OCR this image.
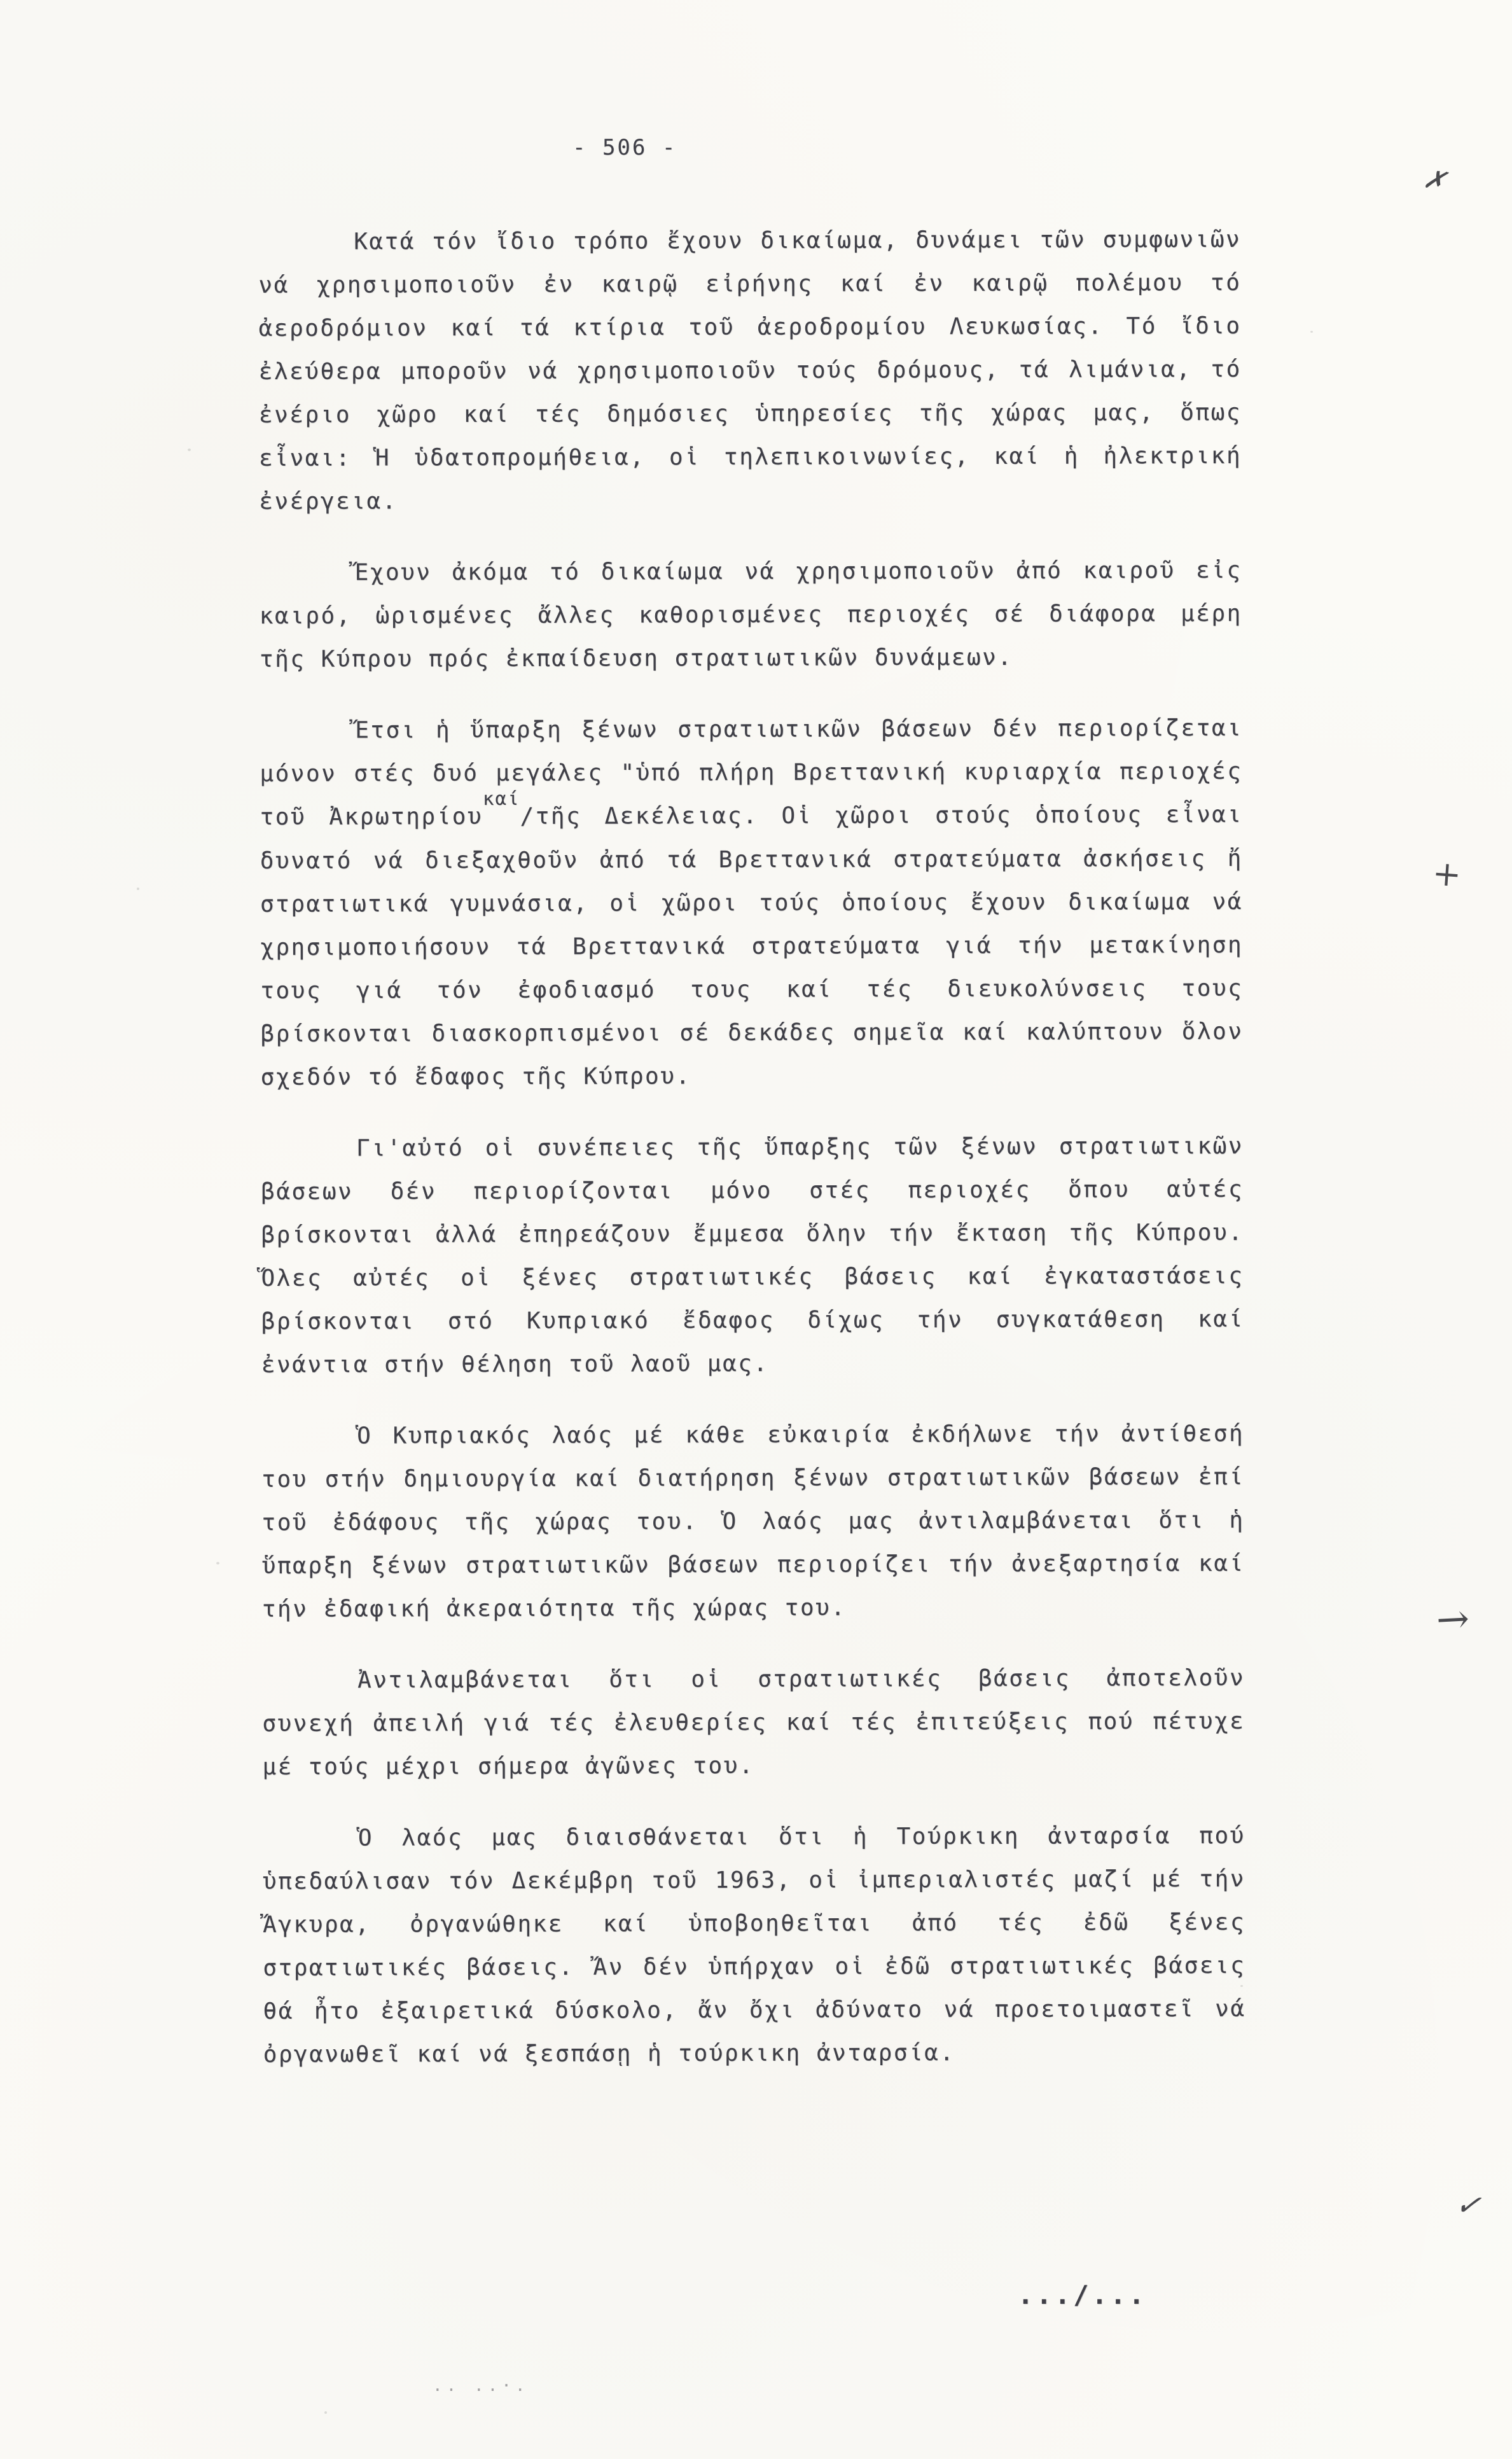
- 506 -
✗
+
→
✓

Κατά τόν ἴδιο τρόπο ἔχουν δικαίωμα, δυνάμει τῶν συμφωνιῶν νά χρησιμοποιοῦν ἐν καιρῷ εἰρήνης καί ἐν καιρῷ πολέμου τό ἀεροδρόμιον καί τά κτίρια τοῦ ἀεροδρομίου Λευκωσίας. Τό ἴδιο ἐλεύθερα μποροῦν νά χρησιμοποιοῦν τούς δρόμους, τά λιμάνια, τό ἐνέριο χῶρο καί τές δημόσιες ὑπηρεσίες τῆς χώρας μας, ὅπως εἶναι: Ἡ ὑδατοπρομήθεια, οἱ τηλεπικοινωνίες, καί ἡ ἠλεκτρική ἐνέργεια.

Ἔχουν ἀκόμα τό δικαίωμα νά χρησιμοποιοῦν ἀπό καιροῦ εἰς καιρό, ὡρισμένες ἄλλες καθορισμένες περιοχές σέ διάφορα μέρη τῆς Κύπρου πρός ἐκπαίδευση στρατιωτικῶν δυνάμεων.

Ἔτσι ἡ ὕπαρξη ξένων στρατιωτικῶν βάσεων δέν περιορίζεται μόνον στές δυό μεγάλες "ὑπό πλήρη Βρεττανική κυριαρχία περιοχές τοῦ Ἀκρωτηρίου$^{\kappa\alpha ί}$/τῆς Δεκέλειας. Οἱ χῶροι στούς ὁποίους εἶναι δυνατό νά διεξαχθοῦν ἀπό τά Βρεττανικά στρατεύματα ἀσκήσεις ἤ στρατιωτικά γυμνάσια, οἱ χῶροι τούς ὁποίους ἔχουν δικαίωμα νά χρησιμοποιήσουν τά Βρεττανικά στρατεύματα γιά τήν μετακίνηση τους γιά τόν ἐφοδιασμό τους καί τές διευκολύνσεις τους βρίσκονται διασκορπισμένοι σέ δεκάδες σημεῖα καί καλύπτουν ὅλον σχεδόν τό ἔδαφος τῆς Κύπρου.

Γι'αὐτό οἱ συνέπειες τῆς ὕπαρξης τῶν ξένων στρατιωτικῶν βάσεων δέν περιορίζονται μόνο στές περιοχές ὅπου αὐτές βρίσκονται ἀλλά ἐπηρεάζουν ἔμμεσα ὅλην τήν ἔκταση τῆς Κύπρου. Ὅλες αὐτές οἱ ξένες στρατιωτικές βάσεις καί ἐγκαταστάσεις βρίσκονται στό Κυπριακό ἔδαφος δίχως τήν συγκατάθεση καί ἐνάντια στήν θέληση τοῦ λαοῦ μας.

Ὁ Κυπριακός λαός μέ κάθε εὐκαιρία ἐκδήλωνε τήν ἀντίθεσή του στήν δημιουργία καί διατήρηση ξένων στρατιωτικῶν βάσεων ἐπί τοῦ ἐδάφους τῆς χώρας του. Ὁ λαός μας ἀντιλαμβάνεται ὅτι ἡ ὕπαρξη ξένων στρατιωτικῶν βάσεων περιορίζει τήν ἀνεξαρτησία καί τήν ἐδαφική ἀκεραιότητα τῆς χώρας του.

Ἀντιλαμβάνεται ὅτι οἱ στρατιωτικές βάσεις ἀποτελοῦν συνεχή ἀπειλή γιά τές ἐλευθερίες καί τές ἐπιτεύξεις πού πέτυχε μέ τούς μέχρι σήμερα ἀγῶνες του.

Ὁ λαός μας διαισθάνεται ὅτι ἡ Τούρκικη ἀνταρσία πού ὑπεδαύλισαν τόν Δεκέμβρη τοῦ 1963, οἱ ἰμπεριαλιστές μαζί μέ τήν Ἄγκυρα, ὀργανώθηκε καί ὑποβοηθεῖται ἀπό τές ἐδῶ ξένες στρατιωτικές βάσεις. Ἄν δέν ὑπήρχαν οἱ ἐδῶ στρατιωτικές βάσεις θά ἦτο ἐξαιρετικά δύσκολο, ἄν ὄχι ἀδύνατο νά προετοιμαστεῖ νά ὀργανωθεῖ καί νά ξεσπάσῃ ἡ τούρκικη ἀνταρσία.

.../...
.. ..·.
